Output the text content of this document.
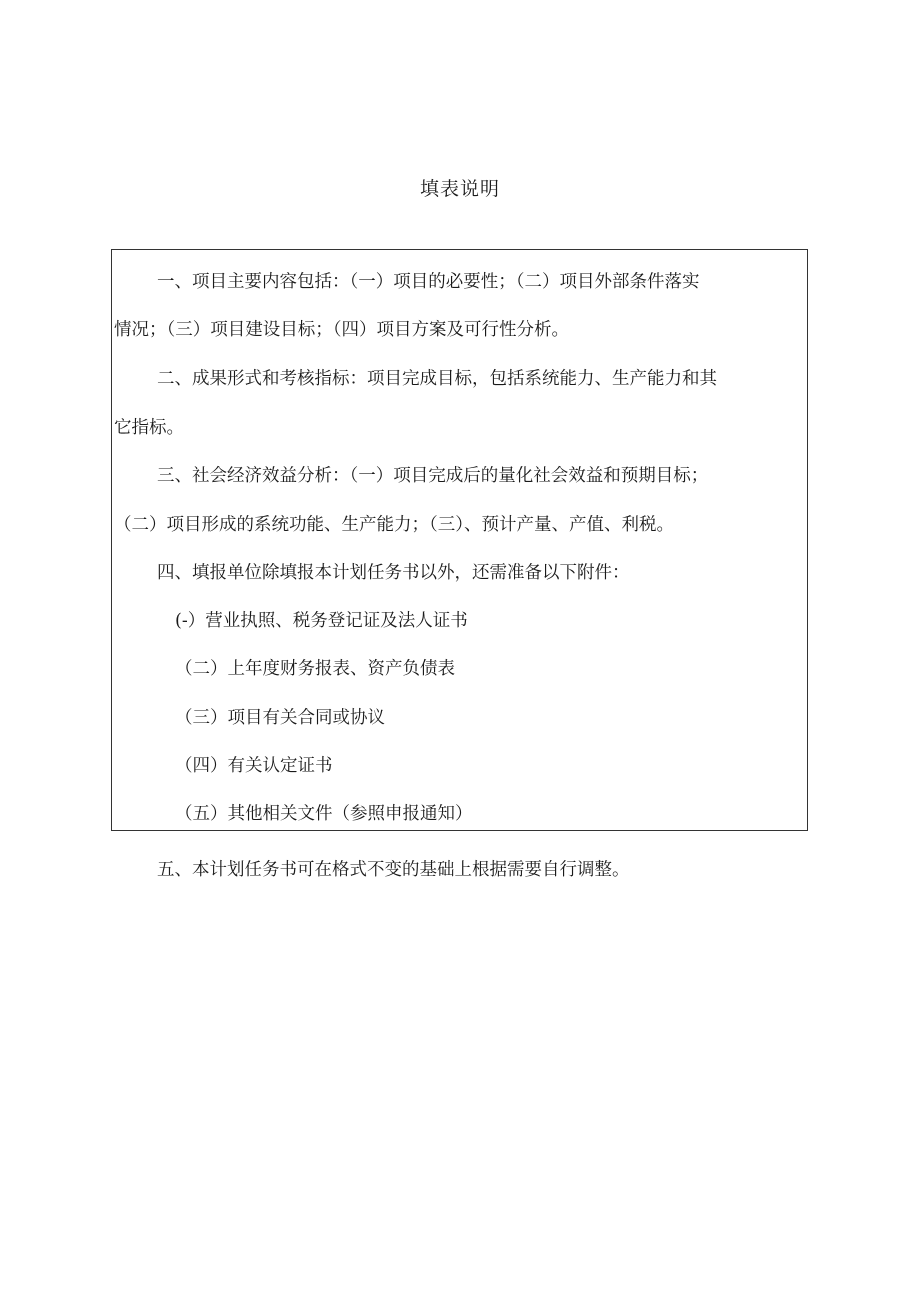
填表说明
一、项目主要内容包括：（一）项目的必要性；（二）项目外部条件落实
情况；（三）项目建设目标；（四）项目方案及可行性分析。
二、成果形式和考核指标：项目完成目标，包括系统能力、生产能力和其
它指标。
三、社会经济效益分析：（一）项目完成后的量化社会效益和预期目标；
（二）项目形成的系统功能、生产能力；（三）、预计产量、产值、利税。
四、填报单位除填报本计划任务书以外，还需准备以下附件：
(-）营业执照、税务登记证及法人证书
（二）上年度财务报表、资产负债表
（三）项目有关合同或协议
（四）有关认定证书
（五）其他相关文件（参照申报通知）
五、本计划任务书可在格式不变的基础上根据需要自行调整。
